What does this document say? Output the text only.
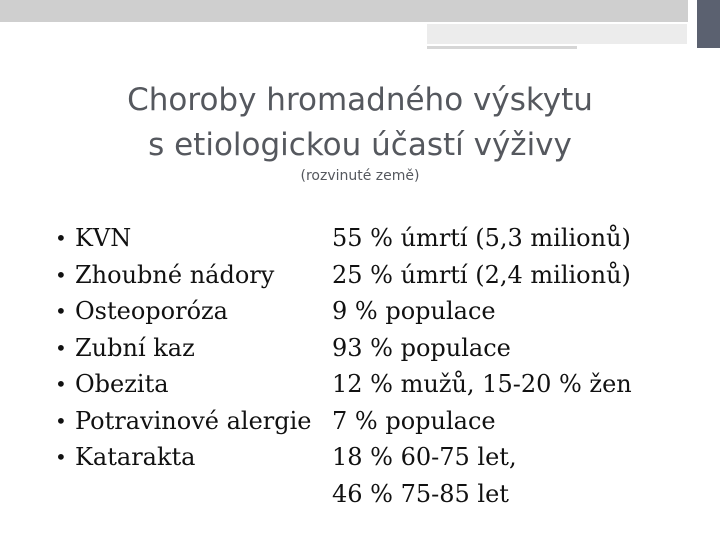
Choroby hromadného výskytu
s etiologickou účastí výživy
(rozvinuté země)
• KVN	55 % úmrtí (5,3 milionů)
• Zhoubné nádory 25 % úmrtí (2,4 milionů)
• Osteoporóza	9 % populace
• Zubní kaz	93 % populace
• Obezita	12 % mužů, 15-20 % žen
• Potravinové alergie 7 % populace
• Katarakta	18 % 60-75 let,
46 % 75-85 let
